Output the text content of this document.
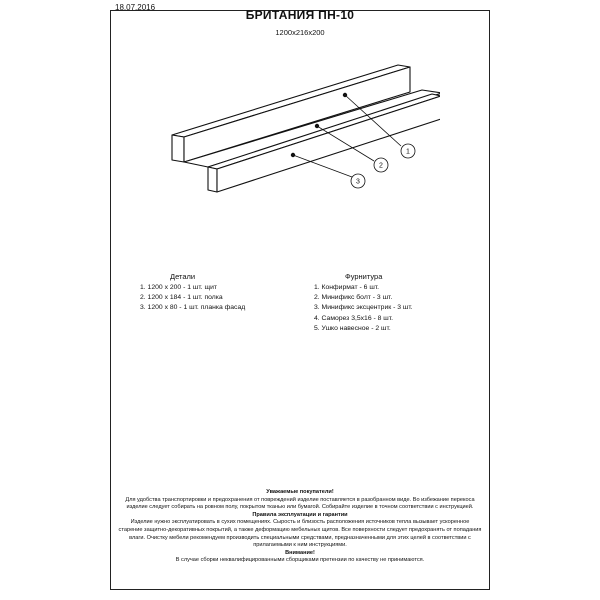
18.07.2016
БРИТАНИЯ ПН-10
1200x216x200
1
2
3
Детали
1. 1200 х 200 - 1 шт. щит
2. 1200 х 184 - 1 шт. полка
3. 1200 х 80 - 1 шт. планка фасад
Фурнитура
1. Конфирмат - 6 шт.
2. Минификс болт - 3 шт.
3. Минификс эксцентрик - 3 шт.
4. Саморез 3,5х16 - 8 шт.
5. Ушко навесное - 2 шт.
Уважаемые покупатели!
Для удобства транспортировки и предохранения от повреждений изделие поставляется в разобранном виде. Во избежание перекоса изделие следует собирать на ровном полу, покрытом тканью или бумагой. Собирайте изделие в точном соответствии с инструкцией.
Правила эксплуатации и гарантии
Изделие нужно эксплуатировать в сухих помещениях. Сырость и близость расположения источников тепла вызывает ускоренное старение защитно-декоративных покрытий, а также деформацию мебельных щитов. Все поверхности следует предохранять от попадания влаги. Очистку мебели рекомендуем производить специальными средствами, предназначенными для этих целей в соответствии с прилагаемыми к ним инструкциями.
Внимание!
В случае сборки неквалифицированными сборщиками претензии по качеству не принимаются.
